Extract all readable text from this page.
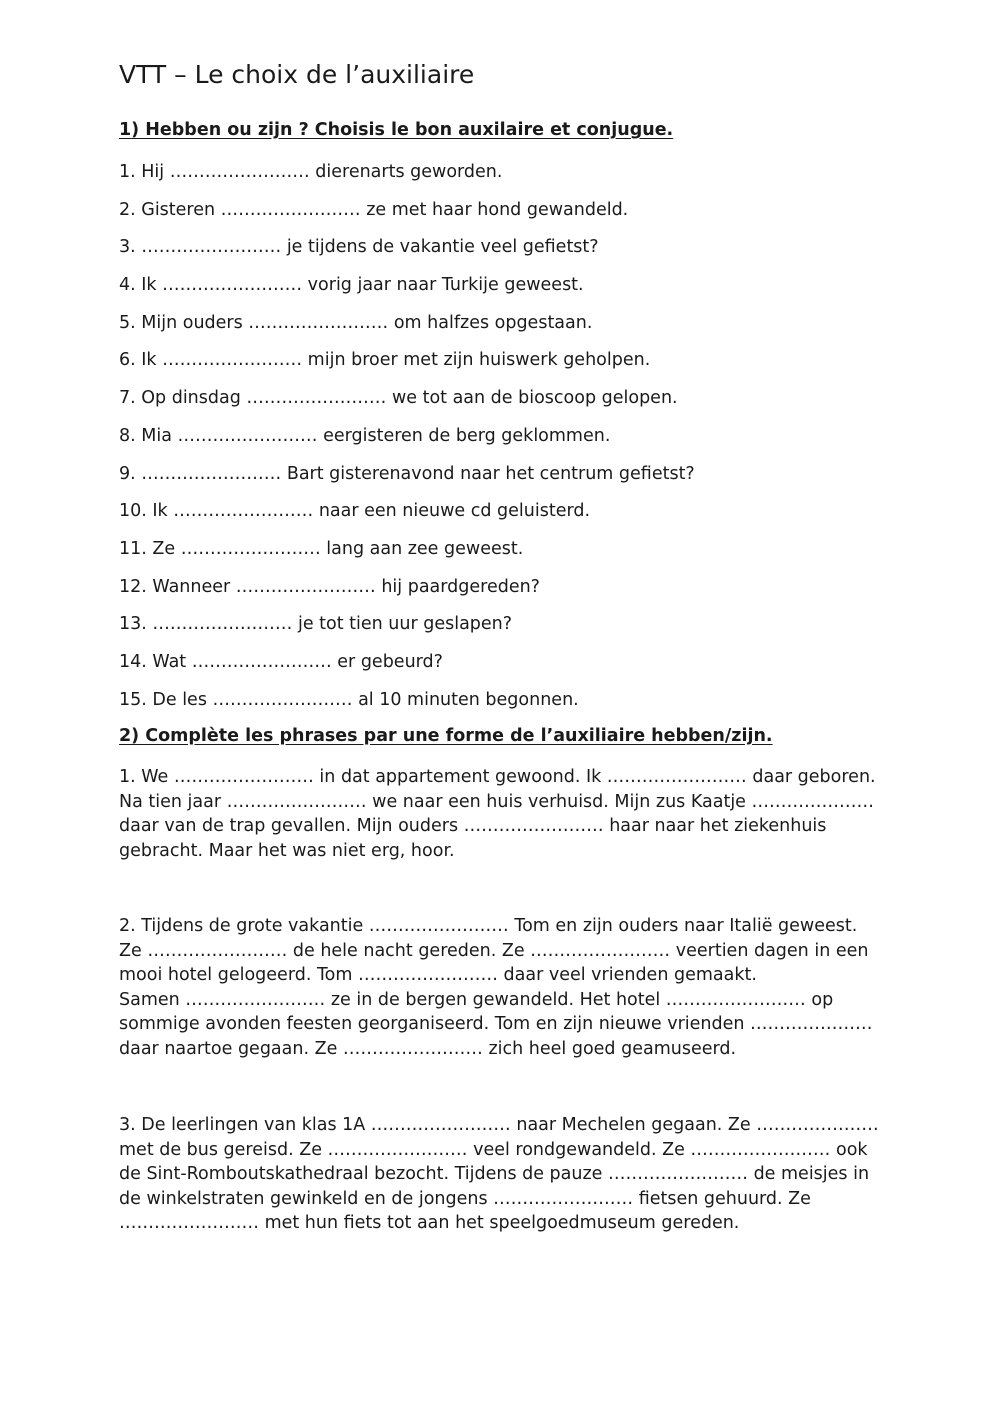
VTT – Le choix de l’auxiliaire
1) Hebben ou zijn ? Choisis le bon auxilaire et conjugue.
1. Hij …………………… dierenarts geworden.
2. Gisteren …………………… ze met haar hond gewandeld.
3. …………………… je tijdens de vakantie veel gefietst?
4. Ik …………………… vorig jaar naar Turkije geweest.
5. Mijn ouders …………………… om halfzes opgestaan.
6. Ik …………………… mijn broer met zijn huiswerk geholpen.
7. Op dinsdag …………………… we tot aan de bioscoop gelopen.
8. Mia …………………… eergisteren de berg geklommen.
9. …………………… Bart gisterenavond naar het centrum gefietst?
10. Ik …………………… naar een nieuwe cd geluisterd.
11. Ze …………………… lang aan zee geweest.
12. Wanneer …………………… hij paardgereden?
13. …………………… je tot tien uur geslapen?
14. Wat …………………… er gebeurd?
15. De les …………………… al 10 minuten begonnen.
2) Complète les phrases par une forme de l’auxiliaire hebben/zijn.

1. We …………………… in dat appartement gewoond. Ik …………………… daar geboren.
Na tien jaar …………………… we naar een huis verhuisd. Mijn zus Kaatje …………………
daar van de trap gevallen. Mijn ouders …………………… haar naar het ziekenhuis
gebracht. Maar het was niet erg, hoor.

2. Tijdens de grote vakantie …………………… Tom en zijn ouders naar Italië geweest.
Ze …………………… de hele nacht gereden. Ze …………………… veertien dagen in een
mooi hotel gelogeerd. Tom …………………… daar veel vrienden gemaakt.
Samen …………………… ze in de bergen gewandeld. Het hotel …………………… op
sommige avonden feesten georganiseerd. Tom en zijn nieuwe vrienden …………………
daar naartoe gegaan. Ze …………………… zich heel goed geamuseerd.

3. De leerlingen van klas 1A …………………… naar Mechelen gegaan. Ze …………………
met de bus gereisd. Ze …………………… veel rondgewandeld. Ze …………………… ook
de Sint-Romboutskathedraal bezocht. Tijdens de pauze …………………… de meisjes in
de winkelstraten gewinkeld en de jongens …………………… fietsen gehuurd. Ze
…………………… met hun fiets tot aan het speelgoedmuseum gereden.
